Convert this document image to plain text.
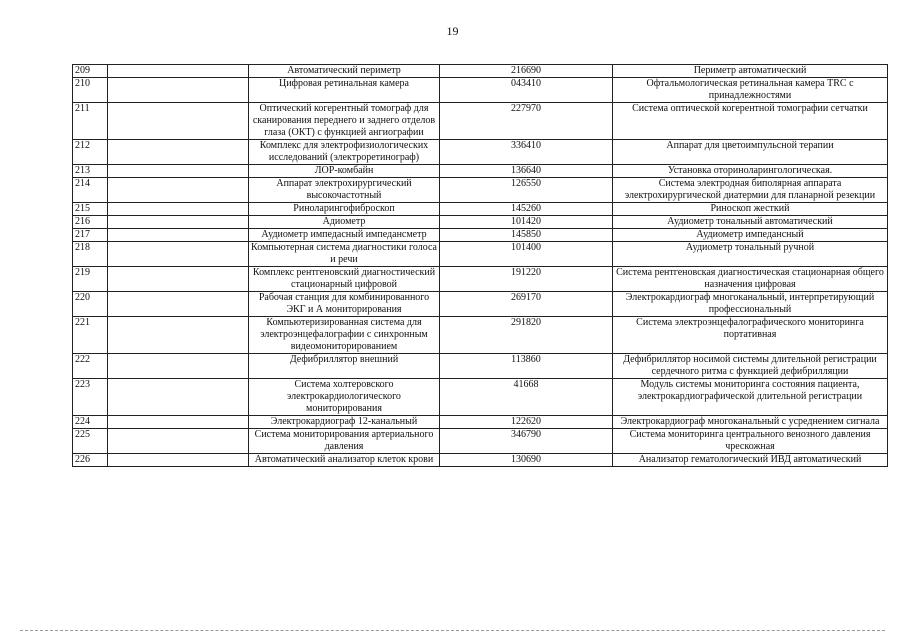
19
209		Автоматический периметр	216690	Периметр автоматический
210		Цифровая ретинальная камера	043410	Офтальмологическая ретинальная камера TRC с принадлежностями
211		Оптический когерентный томограф для сканирования переднего и заднего отделов глаза (ОКТ) с функцией ангиографии	227970	Система оптической когерентной томографии сетчатки
212		Комплекс для электрофизиологических исследований (электроретинограф)	336410	Аппарат для цветоимпульсной терапии
213		ЛОР-комбайн	136640	Установка оториноларингологическая.
214		Аппарат электрохирургический высокочастотный	126550	Система электродная биполярная аппарата электрохирургической диатермии для планарной резекции
215		Риноларингофиброскоп	145260	Риноскоп жесткий
216		Адиометр	101420	Аудиометр тональный автоматический
217		Аудиометр импедасный импедансметр	145850	Аудиометр импедансный
218		Компьютерная система диагностики голоса и речи	101400	Аудиометр тональный ручной
219		Комплекс рентгеновский диагностический стационарный цифровой	191220	Система рентгеновская диагностическая стационарная общего назначения цифровая
220		Рабочая станция для комбинированного ЭКГ и А мониторирования	269170	Электрокардиограф многоканальный, интерпретирующий профессиональный
221		Компьютеризированная система для электроэнцефалографии с синхронным видеомониторированием	291820	Система электроэнцефалографического мониторинга портативная
222		Дефибриллятор внешний	113860	Дефибриллятор носимой системы длительной регистрации сердечного ритма с функцией дефибрилляции
223		Система холтеровского электрокардиологического мониторирования	41668	Модуль системы мониторинга состояния пациента, электрокардиографической длительной регистрации
224		Электрокардиограф 12-канальный	122620	Электрокардиограф многоканальный с усреднением сигнала
225		Система мониторирования артериального давления	346790	Система мониторинга центрального венозного давления чрескожная
226		Автоматический анализатор клеток крови	130690	Анализатор гематологический ИВД автоматический
